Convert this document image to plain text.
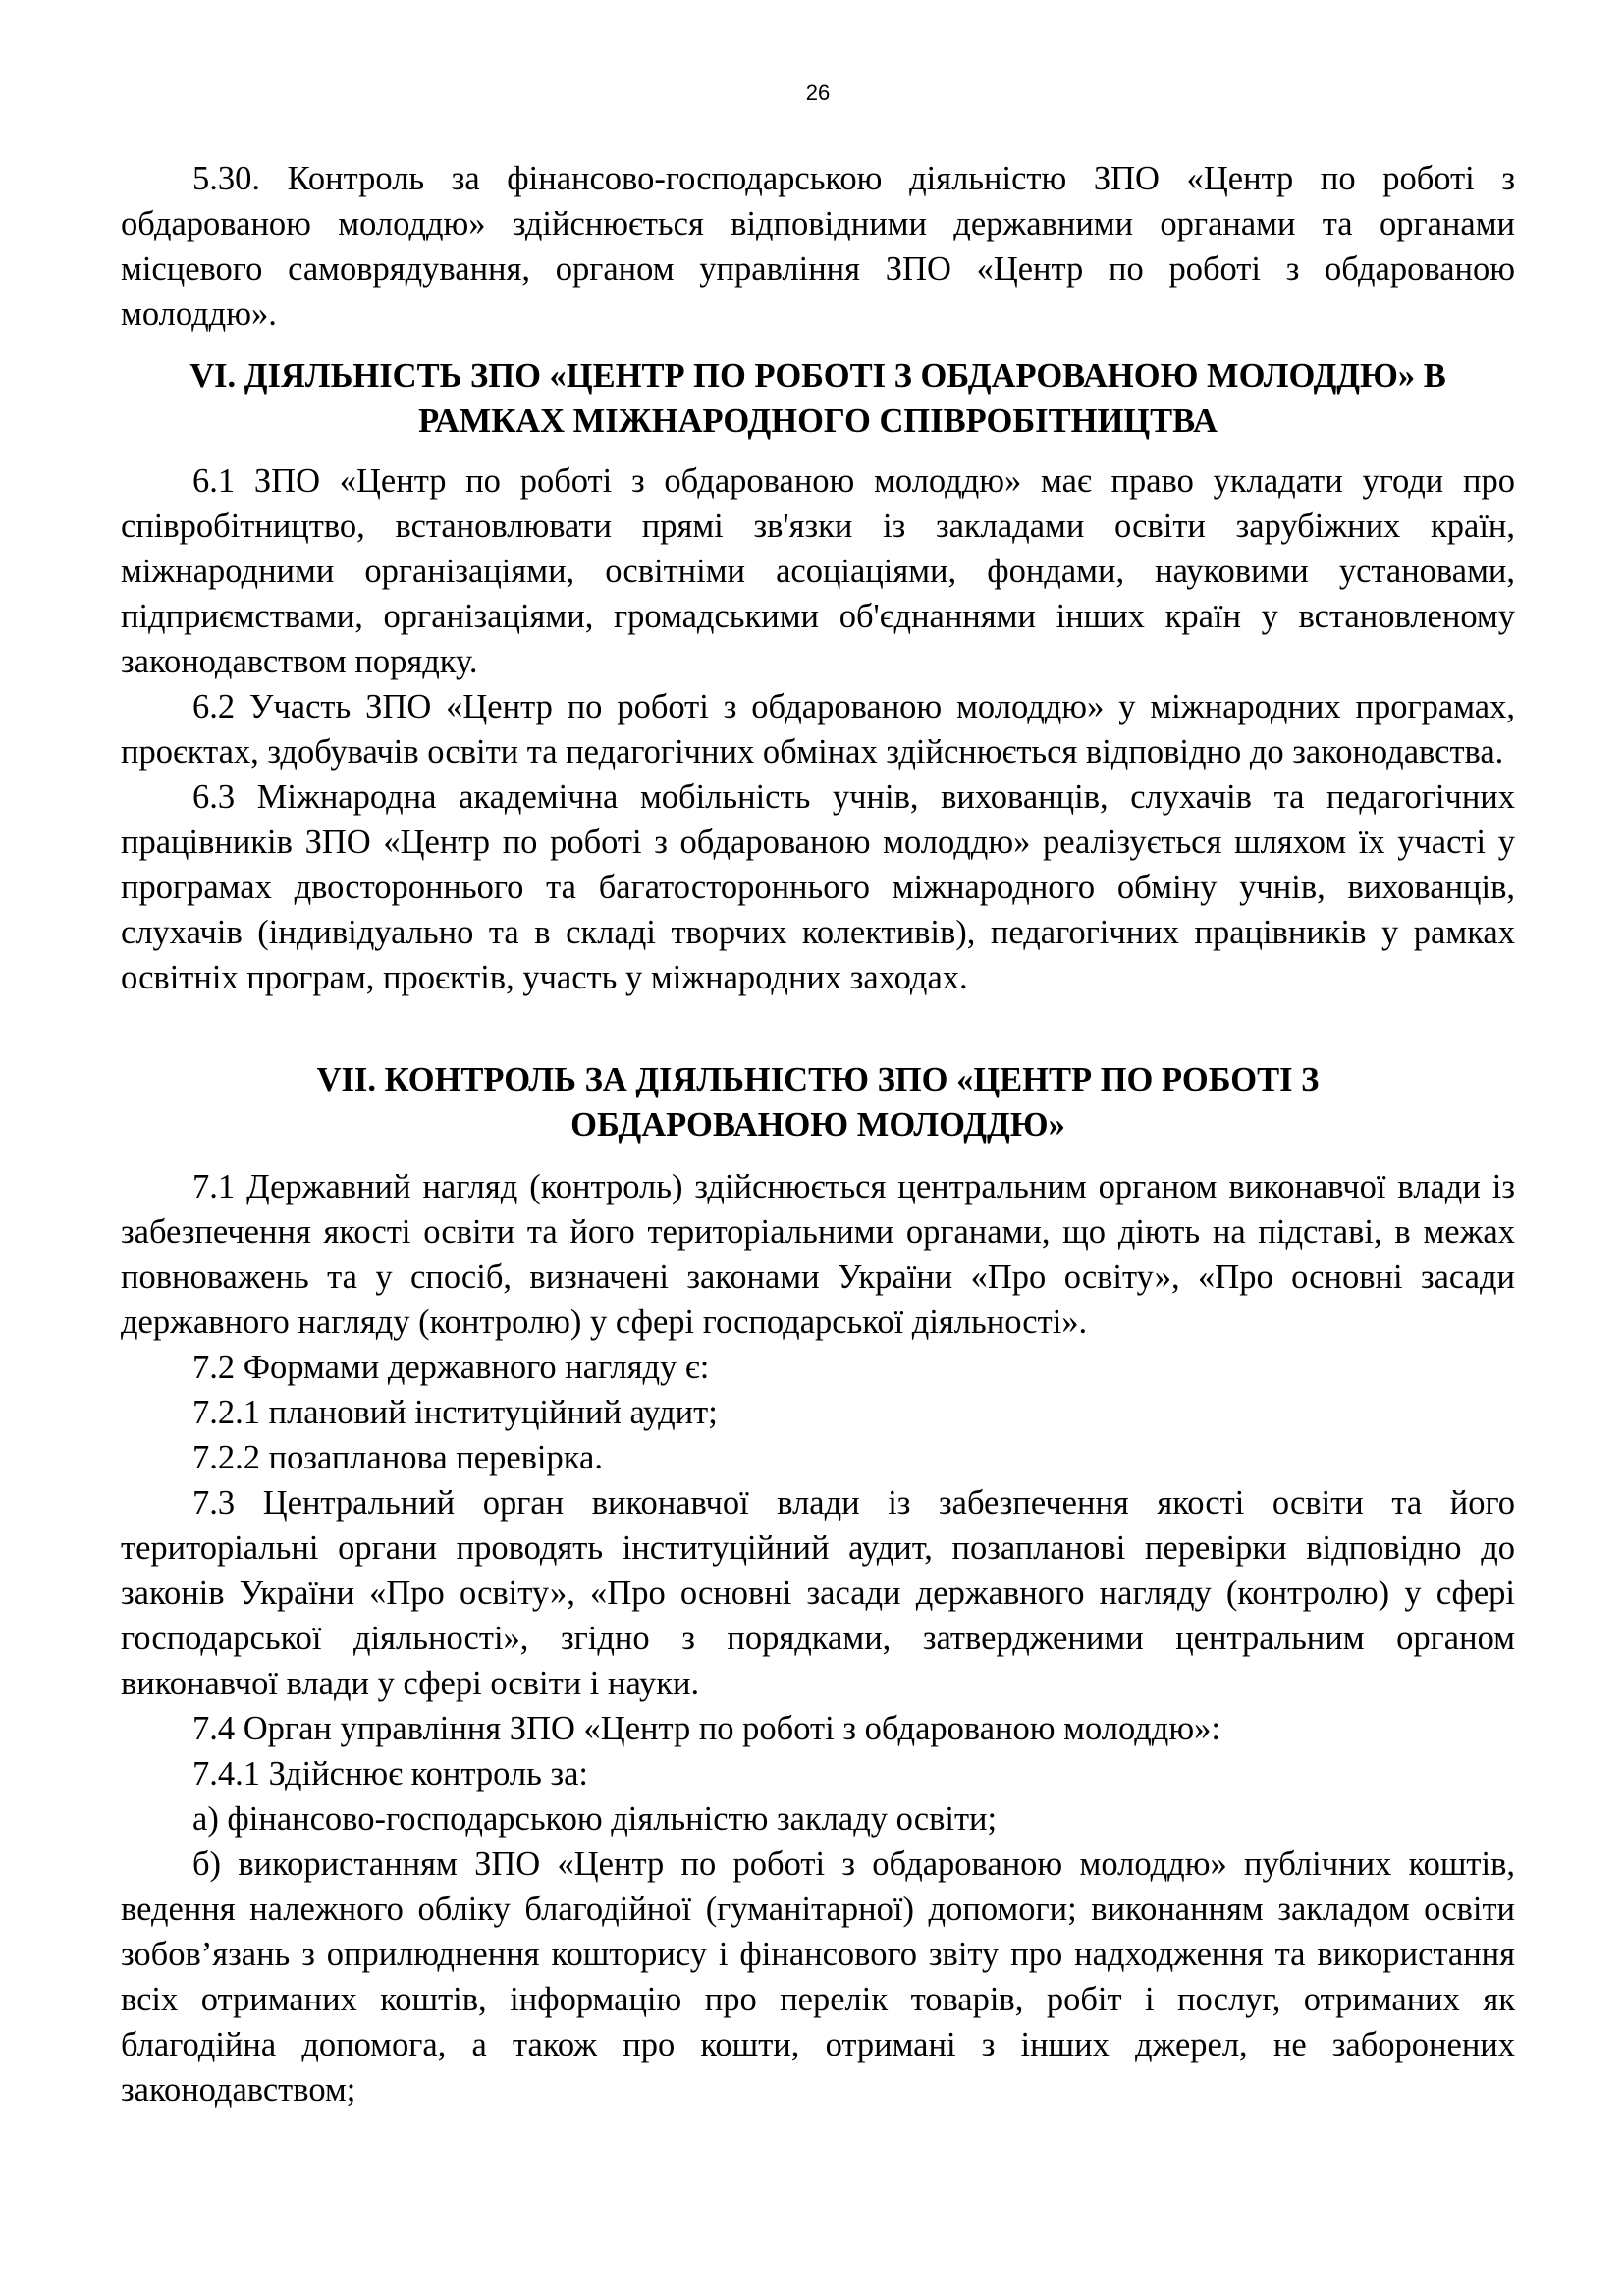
26

5.30. Контроль за фінансово-господарською діяльністю ЗПО «Центр по роботі з обдарованою молоддю» здійснюється відповідними державними органами та органами місцевого самоврядування, органом управління ЗПО «Центр по роботі з обдарованою молоддю».

VI. ДІЯЛЬНІСТЬ ЗПО «ЦЕНТР ПО РОБОТІ З ОБДАРОВАНОЮ МОЛОДДЮ» В
РАМКАХ МІЖНАРОДНОГО СПІВРОБІТНИЦТВА

6.1 ЗПО «Центр по роботі з обдарованою молоддю» має право укладати угоди про співробітництво, встановлювати прямі зв'язки із закладами освіти зарубіжних країн, міжнародними організаціями, освітніми асоціаціями, фондами, науковими установами, підприємствами, організаціями, громадськими об'єднаннями інших країн у встановленому законодавством порядку.

6.2 Участь ЗПО «Центр по роботі з обдарованою молоддю» у міжнародних програмах, проєктах, здобувачів освіти та педагогічних обмінах здійснюється відповідно до законодавства.

6.3 Міжнародна академічна мобільність учнів, вихованців, слухачів та педагогічних працівників ЗПО «Центр по роботі з обдарованою молоддю» реалізується шляхом їх участі у програмах двостороннього та багатостороннього міжнародного обміну учнів, вихованців, слухачів (індивідуально та в складі творчих колективів), педагогічних працівників у рамках освітніх програм, проєктів, участь у міжнародних заходах.

VII. КОНТРОЛЬ ЗА ДІЯЛЬНІСТЮ ЗПО «ЦЕНТР ПО РОБОТІ З
ОБДАРОВАНОЮ МОЛОДДЮ»

7.1 Державний нагляд (контроль) здійснюється центральним органом виконавчої влади із забезпечення якості освіти та його територіальними органами, що діють на підставі, в межах повноважень та у спосіб, визначені законами України «Про освіту», «Про основні засади державного нагляду (контролю) у сфері господарської діяльності».

7.2 Формами державного нагляду є:

7.2.1 плановий інституційний аудит;

7.2.2 позапланова перевірка.

7.3 Центральний орган виконавчої влади із забезпечення якості освіти та його територіальні органи проводять інституційний аудит, позапланові перевірки відповідно до законів України «Про освіту», «Про основні засади державного нагляду (контролю) у сфері господарської діяльності», згідно з порядками, затвердженими центральним органом виконавчої влади у сфері освіти і науки.

7.4 Орган управління ЗПО «Центр по роботі з обдарованою молоддю»:

7.4.1 Здійснює контроль за:

а) фінансово-господарською діяльністю закладу освіти;

б) використанням ЗПО «Центр по роботі з обдарованою молоддю» публічних коштів, ведення належного обліку благодійної (гуманітарної) допомоги; виконанням закладом освіти зобов’язань з оприлюднення кошторису і фінансового звіту про надходження та використання всіх отриманих коштів, інформацію про перелік товарів, робіт і послуг, отриманих як благодійна допомога, а також про кошти, отримані з інших джерел, не заборонених законодавством;
